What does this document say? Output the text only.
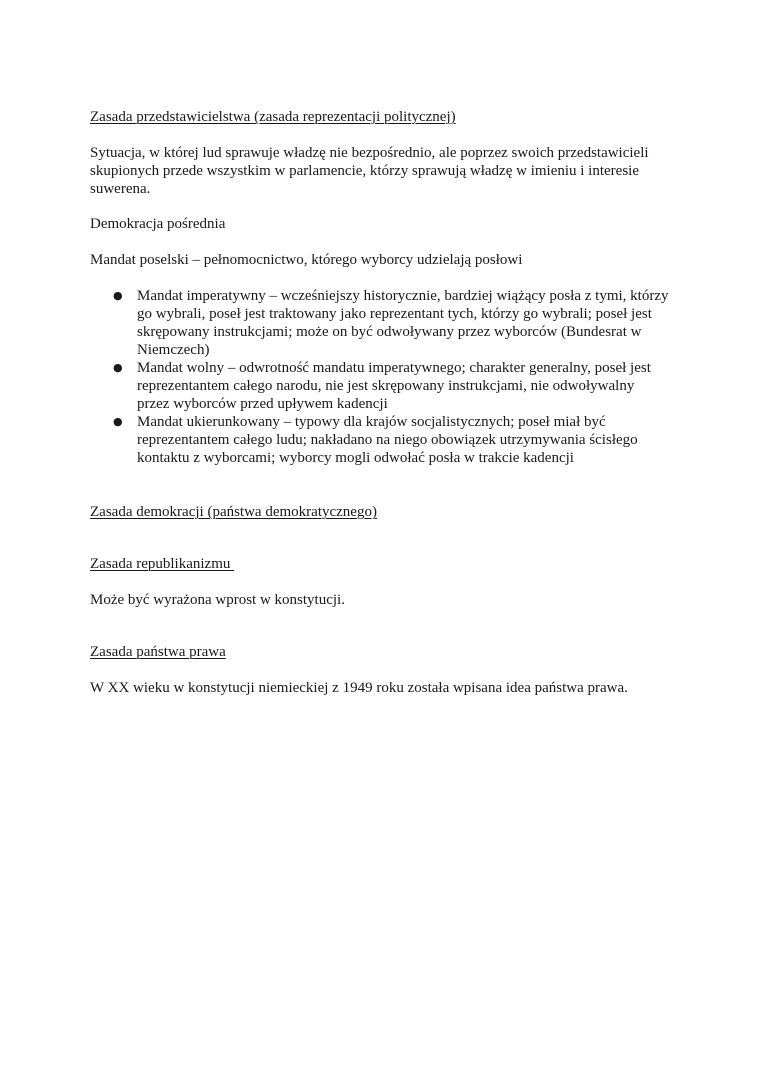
Zasada przedstawicielstwa (zasada reprezentacji politycznej)

Sytuacja, w której lud sprawuje władzę nie bezpośrednio, ale poprzez swoich przedstawicieli skupionych przede wszystkim w parlamencie, którzy sprawują władzę w imieniu i interesie suwerena.

Demokracja pośrednia

Mandat poselski – pełnomocnictwo, którego wyborcy udzielają posłowi

● Mandat imperatywny – wcześniejszy historycznie, bardziej wiążący posła z tymi, którzy go wybrali, poseł jest traktowany jako reprezentant tych, którzy go wybrali; poseł jest skrępowany instrukcjami; może on być odwoływany przez wyborców (Bundesrat w Niemczech)
● Mandat wolny – odwrotność mandatu imperatywnego; charakter generalny, poseł jest reprezentantem całego narodu, nie jest skrępowany instrukcjami, nie odwoływalny przez wyborców przed upływem kadencji
● Mandat ukierunkowany – typowy dla krajów socjalistycznych; poseł miał być reprezentantem całego ludu; nakładano na niego obowiązek utrzymywania ścisłego kontaktu z wyborcami; wyborcy mogli odwołać posła w trakcie kadencji

Zasada demokracji (państwa demokratycznego)

Zasada republikanizmu

Może być wyrażona wprost w konstytucji.

Zasada państwa prawa

W XX wieku w konstytucji niemieckiej z 1949 roku została wpisana idea państwa prawa.
